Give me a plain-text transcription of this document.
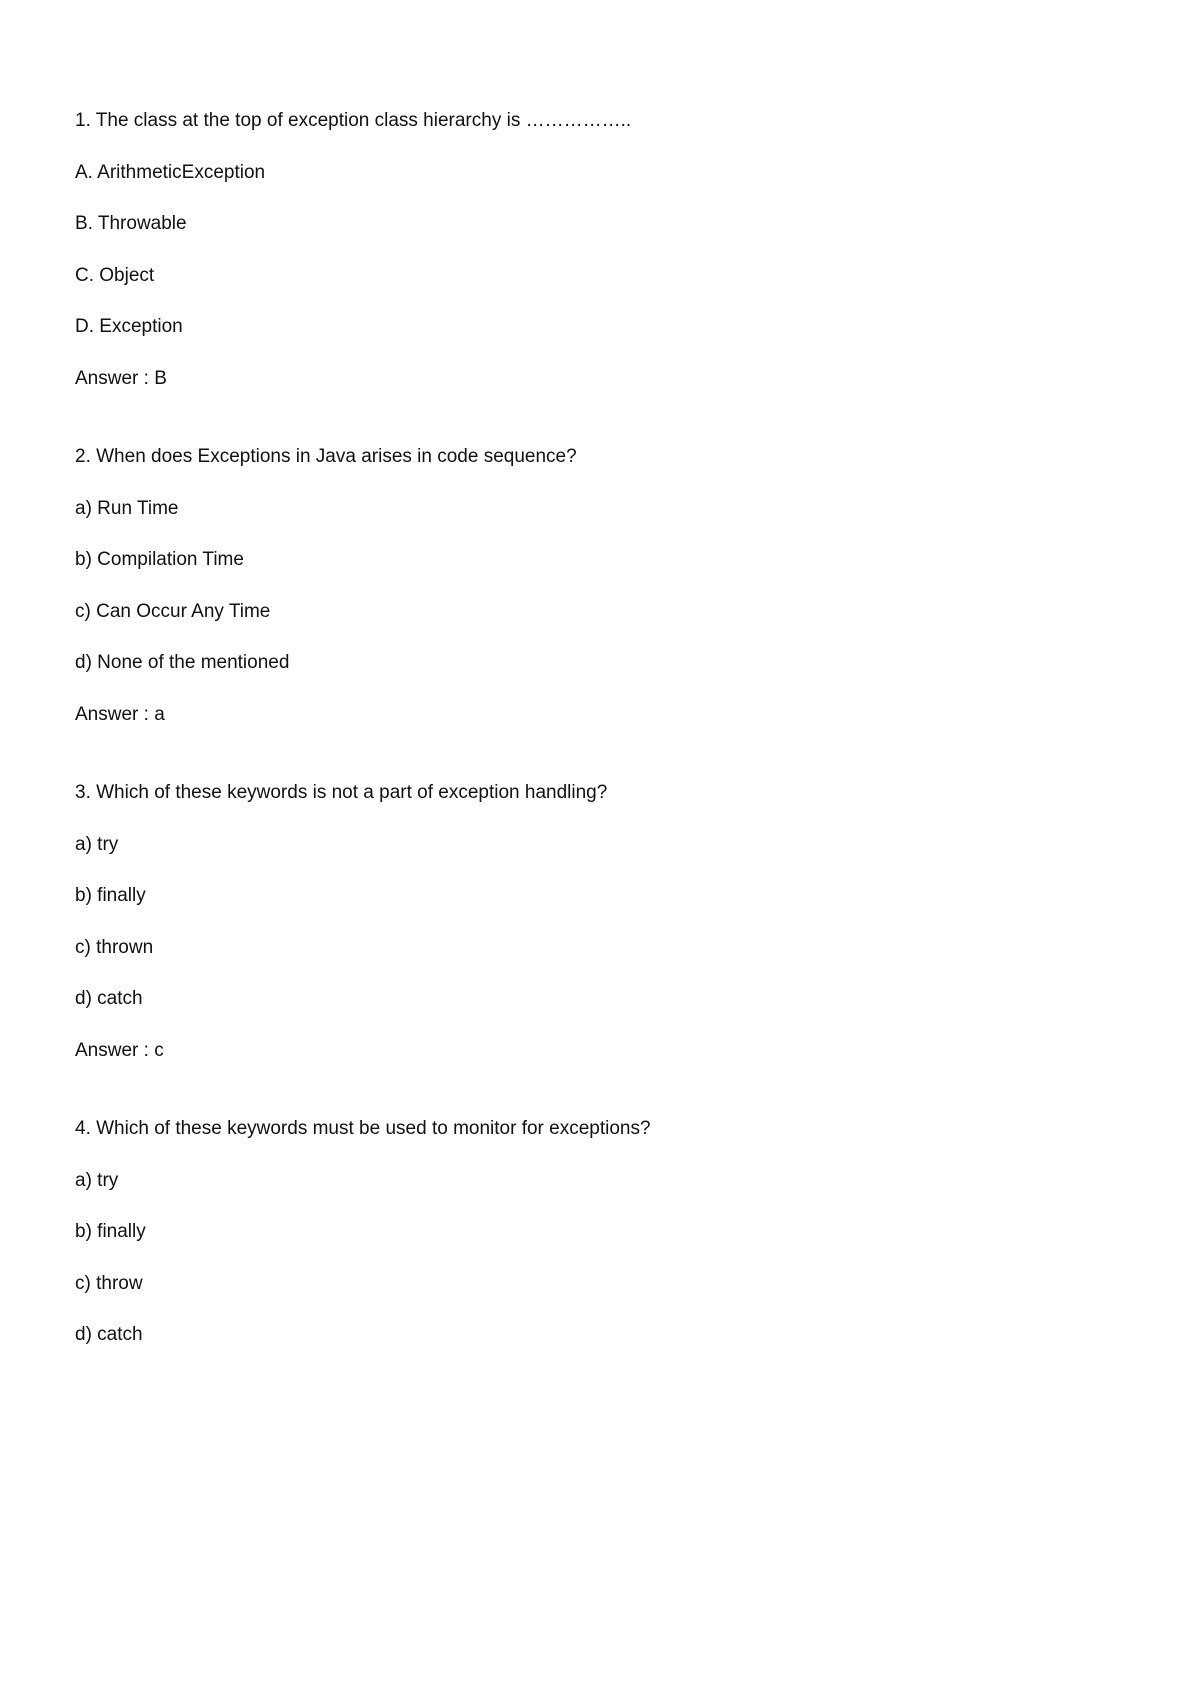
1. The class at the top of exception class hierarchy is ……………..

A. ArithmeticException

B. Throwable

C. Object

D. Exception

Answer : B

2. When does Exceptions in Java arises in code sequence?

a) Run Time

b) Compilation Time

c) Can Occur Any Time

d) None of the mentioned

Answer : a

3. Which of these keywords is not a part of exception handling?

a) try

b) finally

c) thrown

d) catch

Answer : c

4. Which of these keywords must be used to monitor for exceptions?

a) try

b) finally

c) throw

d) catch
